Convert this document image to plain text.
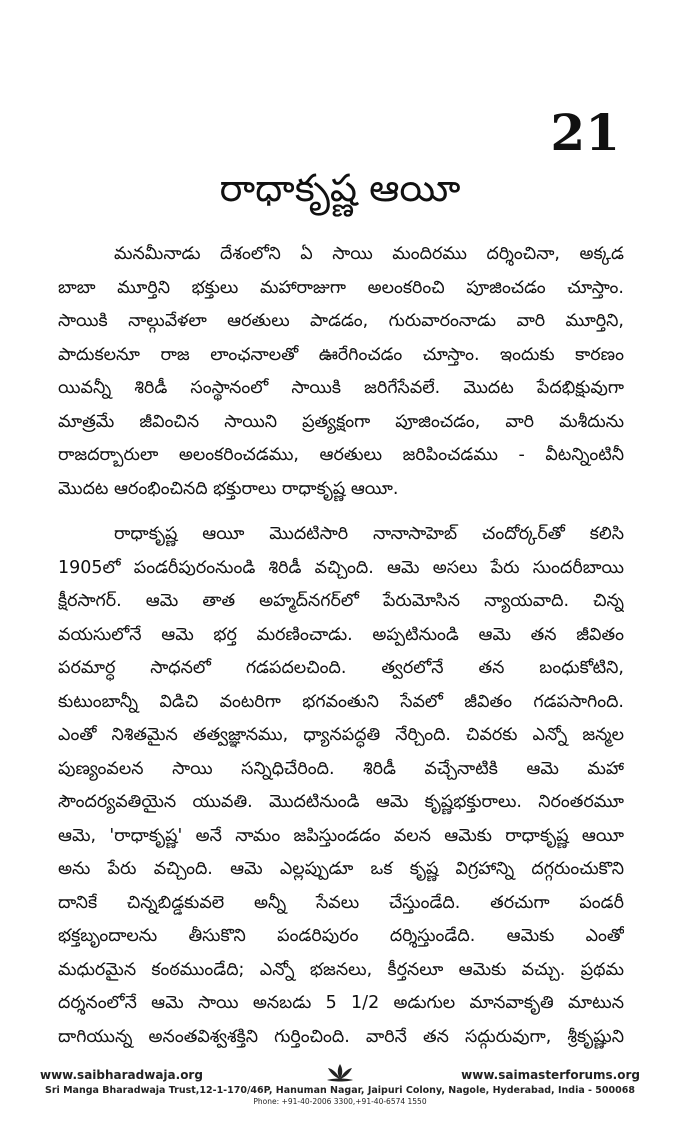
21
రాధాకృష్ణ ఆయీ
మనమీనాడు దేశంలోని ఏ సాయి మందిరము దర్శించినా, అక్కడ
బాబా మూర్తిని భక్తులు మహారాజుగా అలంకరించి పూజించడం చూస్తాం.
సాయికి నాల్గువేళలా ఆరతులు పాడడం, గురువారంనాడు వారి మూర్తిని,
పాదుకలనూ రాజ లాంఛనాలతో ఊరేగించడం చూస్తాం. ఇందుకు కారణం
యివన్నీ శిరిడీ సంస్థానంలో సాయికి జరిగేసేవలే. మొదట పేదభిక్షువుగా
మాత్రమే జీవించిన సాయిని ప్రత్యక్షంగా పూజించడం, వారి మశీదును
రాజదర్బారులా అలంకరించడము, ఆరతులు జరిపించడము - వీటన్నింటినీ
మొదట ఆరంభించినది భక్తురాలు రాధాకృష్ణ ఆయీ.
రాధాకృష్ణ ఆయీ మొదటిసారి నానాసాహెబ్ చందోర్కర్‌తో కలిసి
1905లో పండరీపురంనుండి శిరిడీ వచ్చింది. ఆమె అసలు పేరు సుందరీబాయి
క్షీరసాగర్. ఆమె తాత అహ్మద్‌నగర్‌లో పేరుమోసిన న్యాయవాది. చిన్న
వయసులోనే ఆమె భర్త మరణించాడు. అప్పటినుండి ఆమె తన జీవితం
పరమార్ధ సాధనలో గడపదలచింది. త్వరలోనే తన బంధుకోటిని,
కుటుంబాన్నీ విడిచి వంటరిగా భగవంతుని సేవలో జీవితం గడపసాగింది.
ఎంతో నిశితమైన తత్వజ్ఞానము, ధ్యానపద్ధతి నేర్చింది. చివరకు ఎన్నో జన్మల
పుణ్యంవలన సాయి సన్నిధిచేరింది. శిరిడీ వచ్చేనాటికి ఆమె మహా
సౌందర్యవతియైన యువతి. మొదటినుండి ఆమె కృష్ణభక్తురాలు. నిరంతరమూ
ఆమె, 'రాధాకృష్ణ' అనే నామం జపిస్తుండడం వలన ఆమెకు రాధాకృష్ణ ఆయీ
అను పేరు వచ్చింది. ఆమె ఎల్లప్పుడూ ఒక కృష్ణ విగ్రహాన్ని దగ్గరుంచుకొని
దానికే చిన్నబిడ్డకువలె అన్నీ సేవలు చేస్తుండేది. తరచుగా పండరీ
భక్తబృందాలను తీసుకొని పండరిపురం దర్శిస్తుండేది. ఆమెకు ఎంతో
మధురమైన కంఠముండేది; ఎన్నో భజనలు, కీర్తనలూ ఆమెకు వచ్చు. ప్రథమ
దర్శనంలోనే ఆమె సాయి అనబడు 5 1/2 అడుగుల మానవాకృతి మాటున
దాగియున్న అనంతవిశ్వశక్తిని గుర్తించింది. వారినే తన సద్గురువుగా, శ్రీకృష్ణుని
www.saibharadwaja.org	www.saimasterforums.org
Sri Manga Bharadwaja Trust,12-1-170/46P, Hanuman Nagar, Jaipuri Colony, Nagole, Hyderabad, India - 500068
Phone: +91-40-2006 3300,+91-40-6574 1550
